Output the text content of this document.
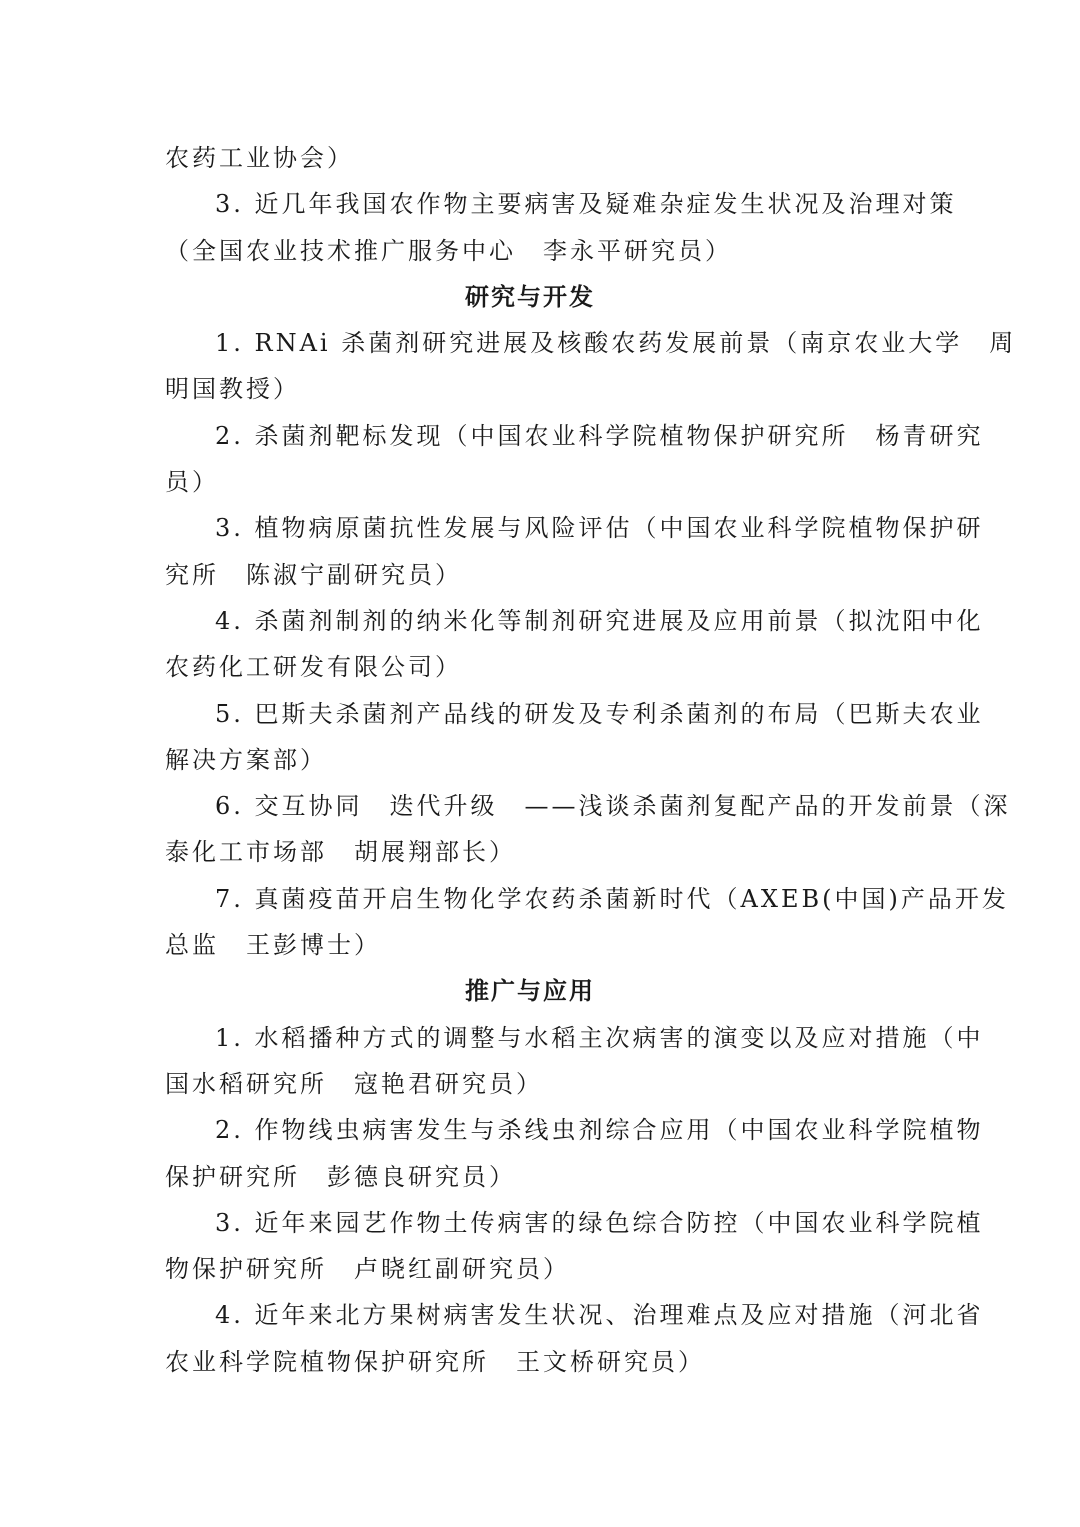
农药工业协会）
3. 近几年我国农作物主要病害及疑难杂症发生状况及治理对策
（全国农业技术推广服务中心　李永平研究员）
研究与开发
1. RNAi 杀菌剂研究进展及核酸农药发展前景（南京农业大学　周
明国教授）
2. 杀菌剂靶标发现（中国农业科学院植物保护研究所　杨青研究
员）
3. 植物病原菌抗性发展与风险评估（中国农业科学院植物保护研
究所　陈淑宁副研究员）
4. 杀菌剂制剂的纳米化等制剂研究进展及应用前景（拟沈阳中化
农药化工研发有限公司）
5. 巴斯夫杀菌剂产品线的研发及专利杀菌剂的布局（巴斯夫农业
解决方案部）
6. 交互协同　迭代升级　——浅谈杀菌剂复配产品的开发前景（深
泰化工市场部　胡展翔部长）
7. 真菌疫苗开启生物化学农药杀菌新时代（AXEB(中国)产品开发
总监　王彭博士）
推广与应用
1. 水稻播种方式的调整与水稻主次病害的演变以及应对措施（中
国水稻研究所　寇艳君研究员）
2. 作物线虫病害发生与杀线虫剂综合应用（中国农业科学院植物
保护研究所　彭德良研究员）
3. 近年来园艺作物土传病害的绿色综合防控（中国农业科学院植
物保护研究所　卢晓红副研究员）
4. 近年来北方果树病害发生状况、治理难点及应对措施（河北省
农业科学院植物保护研究所　王文桥研究员）
